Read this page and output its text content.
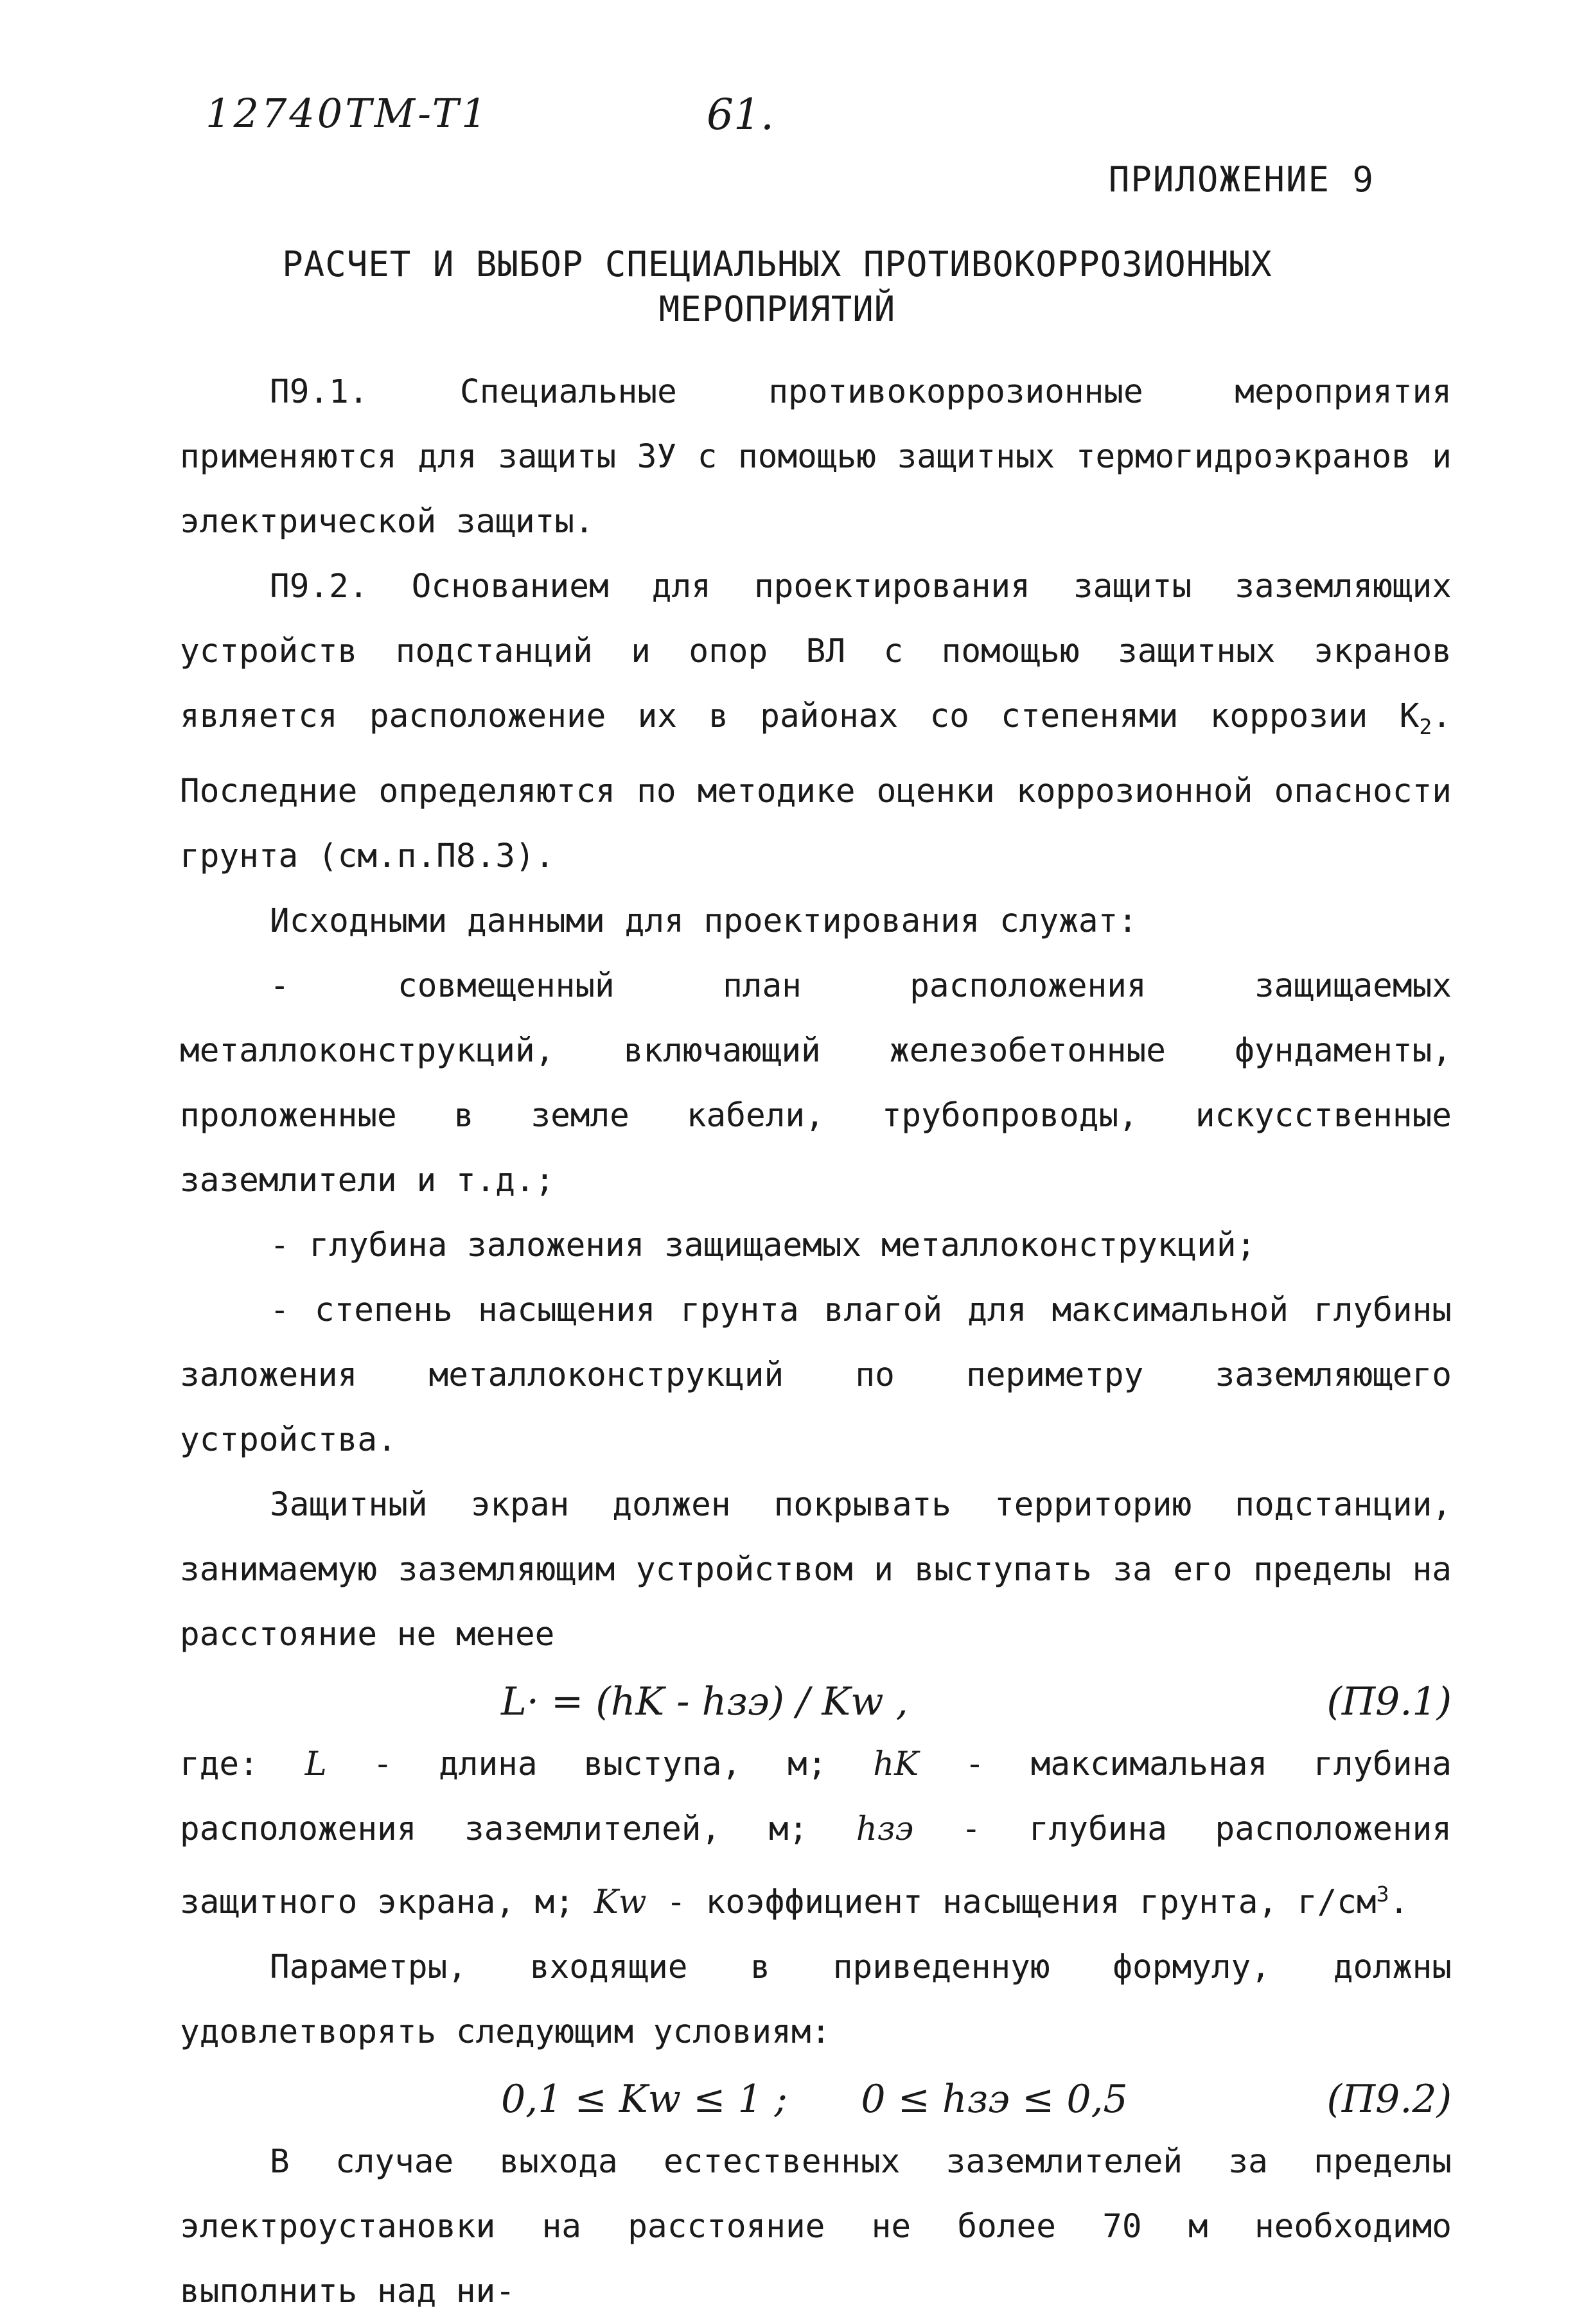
12740TM-T1	61.
ПРИЛОЖЕНИЕ 9
РАСЧЕТ И ВЫБОР СПЕЦИАЛЬНЫХ ПРОТИВОКОРРОЗИОННЫХ
МЕРОПРИЯТИЙ

П9.1. Специальные противокоррозионные мероприятия применяются для защиты ЗУ с помощью защитных термогидроэкранов и электрической защиты.

П9.2. Основанием для проектирования защиты заземляющих устройств подстанций и опор ВЛ с помощью защитных экранов является расположение их в районах со степенями коррозии $К_2$. Последние определяются по методике оценки коррозионной опасности грунта (см.п.П8.3).

Исходными данными для проектирования служат:

- совмещенный план расположения защищаемых металлоконструкций, включающий железобетонные фундаменты, проложенные в земле кабели, трубопроводы, искусственные заземлители и т.д.;

- глубина заложения защищаемых металлоконструкций;

- степень насыщения грунта влагой для максимальной глубины заложения металлоконструкций по периметру заземляющего устройства.

Защитный экран должен покрывать территорию подстанции, занимаемую заземляющим устройством и выступать за его пределы на расстояние не менее

L· = (hK - hзэ) / Kw ,	(П9.1)

где: L - длина выступа, м; hK - максимальная глубина расположения заземлителей, м; hзэ - глубина расположения защитного экрана, м; Kw - коэффициент насыщения грунта, $г/см^3$.

Параметры, входящие в приведенную формулу, должны удовлетворять следующим условиям:

0,1 ≤ Kw ≤ 1 ;      0 ≤ hзэ ≤ 0,5	(П9.2)

В случае выхода естественных заземлителей за пределы электроустановки на расстояние не более 70 м необходимо выполнить над ни-
